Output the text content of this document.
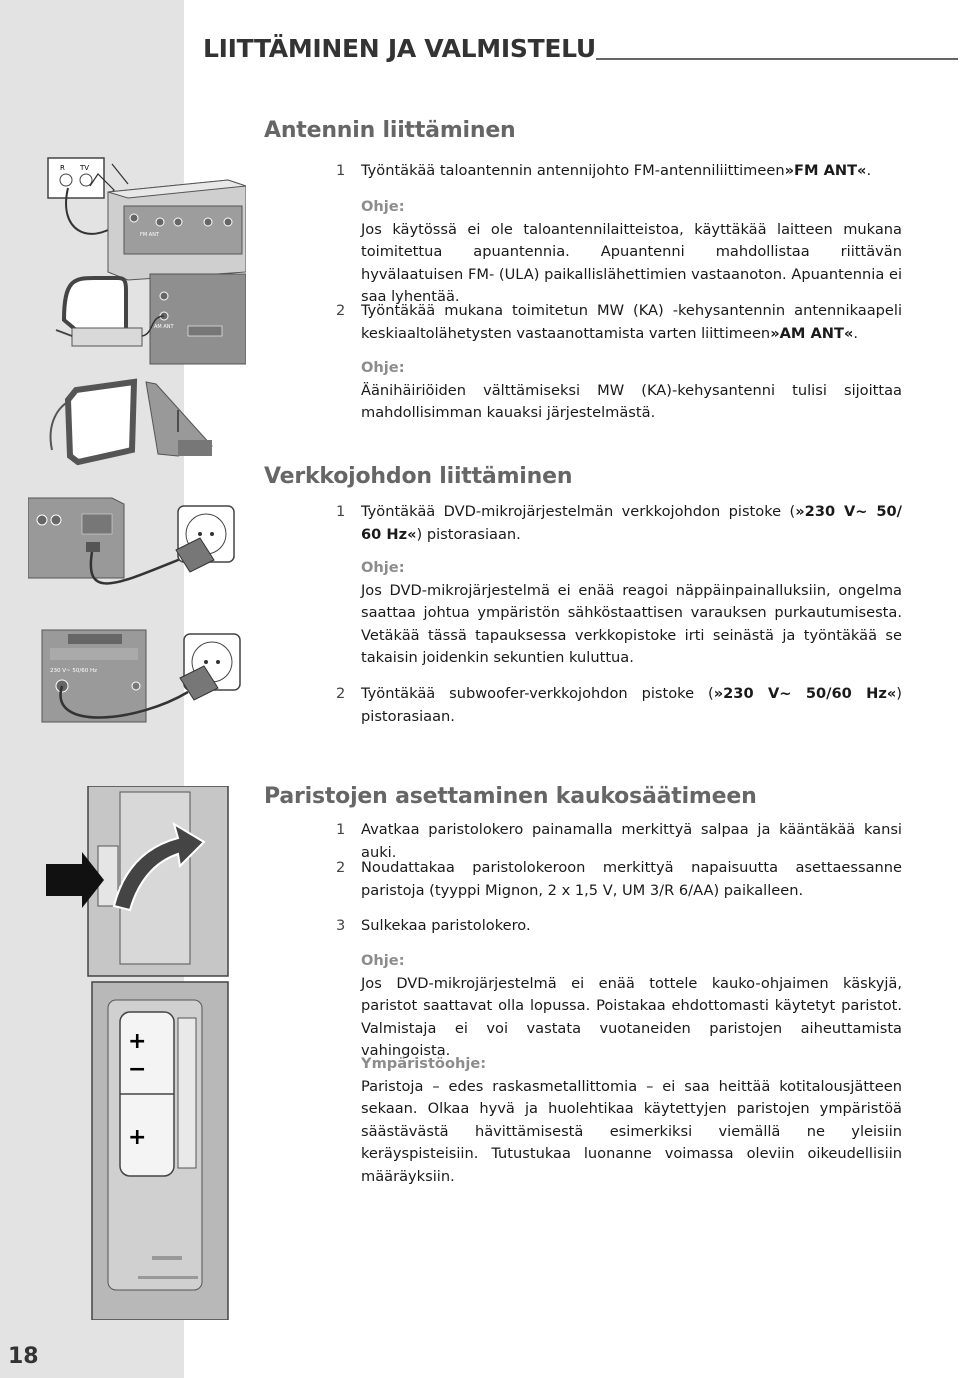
18
LIITTÄMINEN JA VALMISTELU
Antennin liittäminen
1	Työntäkää taloantennin antennijohto FM-antenniliittimeen»FM ANT«.
Ohje:
Jos käytössä ei ole taloantennilaitteistoa, käyttäkää laitteen mukana toimitettua apuantennia. Apuantenni mahdollistaa riittävän hyvälaatuisen FM- (ULA) paikallislähettimien vastaanoton. Apuantennia ei saa lyhentää.
2	Työntäkää mukana toimitetun MW (KA) -kehysantennin antennikaapeli keskiaaltolähetysten vastaanottamista varten liittimeen»AM ANT«.
Ohje:
Äänihäiriöiden välttämiseksi MW (KA)-kehysantenni tulisi sijoittaa mahdollisimman kauaksi järjestelmästä.
R TV
FM ANT
AM ANT
Verkkojohdon liittäminen
1	Työntäkää DVD-mikrojärjestelmän verkkojohdon pistoke (»230 V~ 50/ 60 Hz«) pistorasiaan.
Ohje:
Jos DVD-mikrojärjestelmä ei enää reagoi näppäinpainalluksiin, ongelma saattaa johtua ympäristön sähköstaattisen varauksen purkautumisesta. Vetäkää tässä tapauksessa verkkopistoke irti seinästä ja työntäkää se takaisin joidenkin sekuntien kuluttua.
2	Työntäkää subwoofer-verkkojohdon pistoke (»230 V~ 50/60 Hz«) pistorasiaan.
230 V~ 50/60 Hz
Paristojen asettaminen kaukosäätimeen
1	Avatkaa paristolokero painamalla merkittyä salpaa ja kääntäkää kansi auki.
2	Noudattakaa paristolokeroon merkittyä napaisuutta asettaessanne paristoja (tyyppi Mignon, 2 x 1,5 V, UM 3/R 6/AA) paikalleen.
3	Sulkekaa paristolokero.
Ohje:
Jos DVD-mikrojärjestelmä ei enää tottele kauko-ohjaimen käskyjä, paristot saattavat olla lopussa. Poistakaa ehdottomasti käytetyt paristot. Valmistaja ei voi vastata vuotaneiden paristojen aiheuttamista vahingoista.
Ympäristöohje:
Paristoja – edes raskasmetallittomia – ei saa heittää kotitalousjätteen sekaan. Olkaa hyvä ja huolehtikaa käytettyjen paristojen ympäristöä säästävästä hävittämisestä esimerkiksi viemällä ne yleisiin keräyspisteisiin. Tutustukaa luonanne voimassa oleviin oikeudellisiin määräyksiin.
+
−
+
